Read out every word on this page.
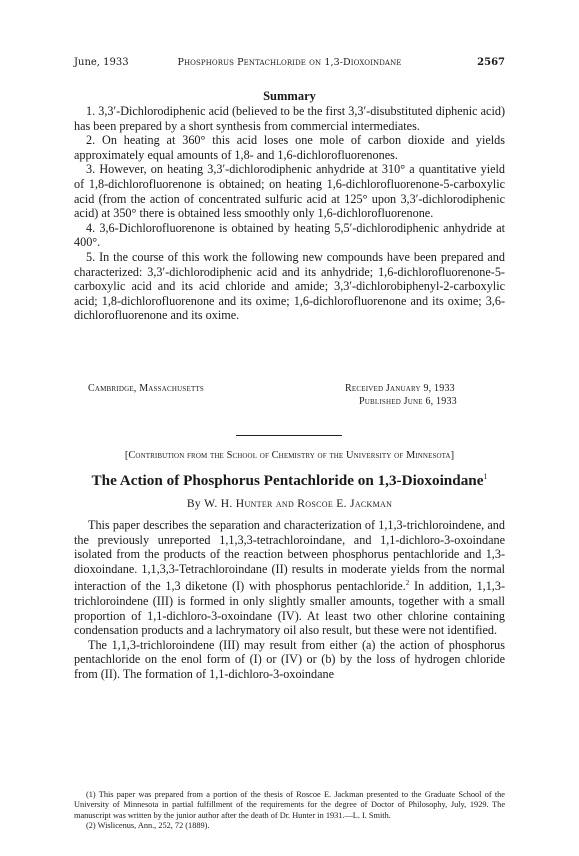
June, 1933	Phosphorus Pentachloride on 1,3-Dioxoindane	2567
Summary

1. 3,3′-Dichlorodiphenic acid (believed to be the first 3,3′-disubstituted diphenic acid) has been prepared by a short synthesis from commercial intermediates.

2. On heating at 360° this acid loses one mole of carbon dioxide and yields approximately equal amounts of 1,8- and 1,6-dichlorofluorenones.

3. However, on heating 3,3′-dichlorodiphenic anhydride at 310° a quantitative yield of 1,8-dichlorofluorenone is obtained; on heating 1,6-dichlorofluorenone-5-carboxylic acid (from the action of concentrated sulfuric acid at 125° upon 3,3′-dichlorodiphenic acid) at 350° there is obtained less smoothly only 1,6-dichlorofluorenone.

4. 3,6-Dichlorofluorenone is obtained by heating 5,5′-dichlorodiphenic anhydride at 400°.

5. In the course of this work the following new compounds have been prepared and characterized: 3,3′-dichlorodiphenic acid and its anhydride; 1,6-dichlorofluorenone-5-carboxylic acid and its acid chloride and amide; 3,3′-dichlorobiphenyl-2-carboxylic acid; 1,8-dichlorofluorenone and its oxime; 1,6-dichlorofluorenone and its oxime; 3,6-dichlorofluorenone and its oxime.

Cambridge, Massachusetts	Received January 9, 1933
Published June 6, 1933
[Contribution from the School of Chemistry of the University of Minnesota]
The Action of Phosphorus Pentachloride on 1,3-Dioxoindane$^1$
By W. H. Hunter and Roscoe E. Jackman

This paper describes the separation and characterization of 1,1,3-trichloroindene, and the previously unreported 1,1,3,3-tetrachloroindane, and 1,1-dichloro-3-oxoindane isolated from the products of the reaction between phosphorus pentachloride and 1,3-dioxoindane. 1,1,3,3-Tetrachloroindane (II) results in moderate yields from the normal interaction of the 1,3 diketone (I) with phosphorus pentachloride.$^2$ In addition, 1,1,3-trichloroindene (III) is formed in only slightly smaller amounts, together with a small proportion of 1,1-dichloro-3-oxoindane (IV). At least two other chlorine containing condensation products and a lachrymatory oil also result, but these were not identified.

The 1,1,3-trichloroindene (III) may result from either (a) the action of phosphorus pentachloride on the enol form of (I) or (IV) or (b) by the loss of hydrogen chloride from (II). The formation of 1,1-dichloro-3-oxoindane

(1) This paper was prepared from a portion of the thesis of Roscoe E. Jackman presented to the Graduate School of the University of Minnesota in partial fulfillment of the requirements for the degree of Doctor of Philosophy, July, 1929. The manuscript was written by the junior author after the death of Dr. Hunter in 1931.—L. I. Smith.

(2) Wislicenus, Ann., 252, 72 (1889).
